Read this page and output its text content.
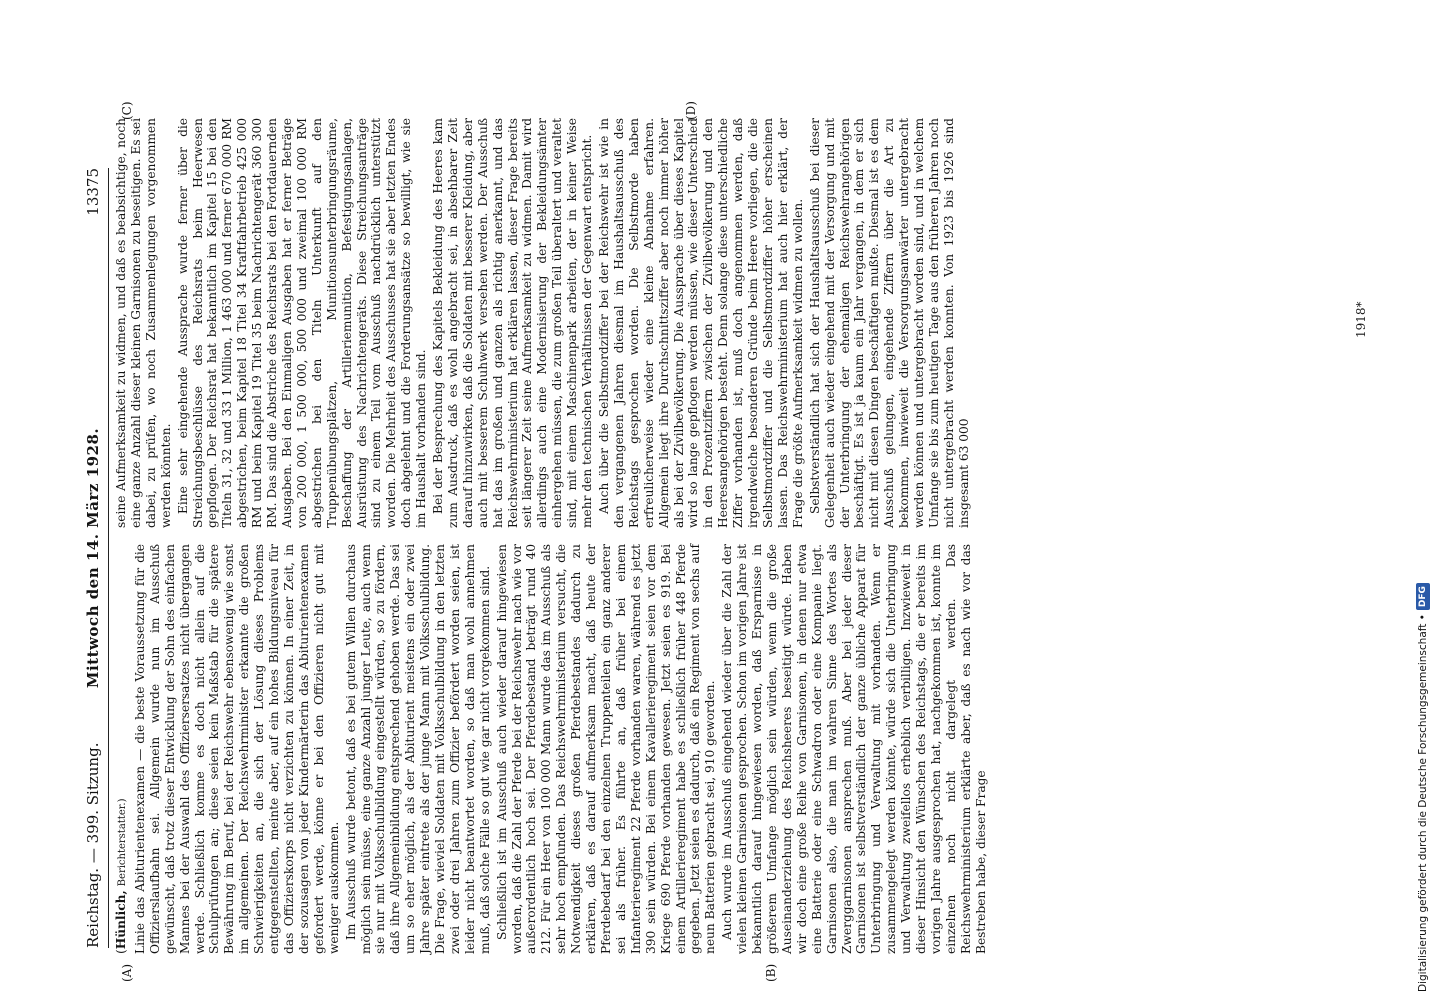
Reichstag. — 399. Sitzung.
Mittwoch den 14. März 1928.
13375
(A)	(B)
(C)	(D)

(Hünlich, Berichterstatter.) Linie das Abiturientenexamen — die beste Voraussetzung für die Offizierslaufbahn sei. Allgemein wurde nun im Ausschuß gewünscht, daß trotz dieser Entwicklung der Sohn des einfachen Mannes bei der Auswahl des Offiziersersatzes nicht übergangen werde. Schließlich komme es doch nicht allein auf die Schulprüfungen an; diese seien kein Maßstab für die spätere Bewährung im Beruf, bei der Reichswehr ebensowenig wie sonst im allgemeinen. Der Reichswehrminister erkannte die großen Schwierigkeiten an, die sich der Lösung dieses Problems entgegenstellten, meinte aber, auf ein hohes Bildungsniveau für das Offizierskorps nicht verzichten zu können. In einer Zeit, in der sozusagen von jeder Kindermärterin das Abiturientenexamen gefordert werde, könne er bei den Offizieren nicht gut mit weniger auskommen. Im Ausschuß wurde betont, daß es bei gutem Willen durchaus möglich sein müsse, eine ganze Anzahl junger Leute, auch wenn sie nur mit Volksschulbildung eingestellt würden, so zu fördern, daß ihre Allgemeinbildung entsprechend gehoben werde. Das sei um so eher möglich, als der Abiturient meistens ein oder zwei Jahre später eintrete als der junge Mann mit Volksschulbildung. Die Frage, wieviel Soldaten mit Volksschulbildung in den letzten zwei oder drei Jahren zum Offizier befördert worden seien, ist leider nicht beantwortet worden, so daß man wohl annehmen muß, daß solche Fälle so gut wie gar nicht vorgekommen sind. Schließlich ist im Ausschuß auch wieder darauf hingewiesen worden, daß die Zahl der Pferde bei der Reichswehr nach wie vor außerordentlich hoch sei. Der Pferdebestand beträgt rund 40 212. Für ein Heer von 100 000 Mann wurde das im Ausschuß als sehr hoch empfunden. Das Reichswehrministerium versucht, die Notwendigkeit dieses großen Pferdebestandes dadurch zu erklären, daß es darauf aufmerksam macht, daß heute der Pferdebedarf bei den einzelnen Truppenteilen ein ganz anderer sei als früher. Es führte an, daß früher bei einem Infanterieregiment 22 Pferde vorhanden waren, während es jetzt 390 sein würden. Bei einem Kavallerieregiment seien vor dem Kriege 690 Pferde vorhanden gewesen. Jetzt seien es 919. Bei einem Artillerieregiment habe es schließlich früher 448 Pferde gegeben. Jetzt seien es dadurch, daß ein Regiment von sechs auf neun Batterien gebracht sei, 910 geworden. Auch wurde im Ausschuß eingehend wieder über die Zahl der vielen kleinen Garnisonen gesprochen. Schon im vorigen Jahre ist bekanntlich darauf hingewiesen worden, daß Ersparnisse in größerem Umfange möglich sein würden, wenn die große Auseinanderziehung des Reichsheeres beseitigt würde. Haben wir doch eine große Reihe von Garnisonen, in denen nur etwa eine Batterie oder eine Schwadron oder eine Kompanie liegt. Garnisonen also, die man im wahren Sinne des Wortes als Zwerggarnisonen ansprechen muß. Aber bei jeder dieser Garnisonen ist selbstverständlich der ganze übliche Apparat für Unterbringung und Verwaltung mit vorhanden. Wenn er zusammengelegt werden könnte, würde sich die Unterbringung und Verwaltung zweifellos erheblich verbilligen. Inzwieweit in dieser Hinsicht den Wünschen des Reichstags, die er bereits im vorigen Jahre ausgesprochen hat, nachgekommen ist, konnte im einzelnen noch nicht dargelegt werden. Das Reichswehrministerium erklärte aber, daß es nach wie vor das Bestreben habe, dieser Frage

seine Aufmerksamkeit zu widmen, und daß es beabsichtige, noch eine ganze Anzahl dieser kleinen Garnisonen zu beseitigen. Es sei dabei, zu prüfen, wo noch Zusammenlegungen vorgenommen werden könnten. Eine sehr eingehende Aussprache wurde ferner über die Streichungsbeschlüsse des Reichsrats beim Heerwesen gepflogen. Der Reichsrat hat bekanntlich im Kapitel 15 bei den Titeln 31, 32 und 33 1 Million, 1 463 000 und ferner 670 000 RM abgestrichen, beim Kapitel 18 Titel 34 Kraftfahrbetrieb 425 000 RM und beim Kapitel 19 Titel 35 beim Nachrichtengerät 360 300 RM. Das sind die Abstriche des Reichsrats bei den Fortdauernden Ausgaben. Bei den Einmaligen Ausgaben hat er ferner Beträge von 200 000, 1 500 000, 500 000 und zweimal 100 000 RM abgestrichen bei den Titeln Unterkunft auf den Truppenübungsplätzen, Munitionsunterbringungsräume, Beschaffung der Artilleriemunition, Befestigungsanlagen, Ausrüstung des Nachrichtengeräts. Diese Streichungsanträge sind zu einem Teil vom Ausschuß nachdrücklich unterstützt worden. Die Mehrheit des Ausschusses hat sie aber letzten Endes doch abgelehnt und die Forderungsansätze so bewilligt, wie sie im Haushalt vorhanden sind. Bei der Besprechung des Kapitels Bekleidung des Heeres kam zum Ausdruck, daß es wohl angebracht sei, in absehbarer Zeit darauf hinzuwirken, daß die Soldaten mit besserer Kleidung, aber auch mit besserem Schuhwerk versehen werden. Der Ausschuß hat das im großen und ganzen als richtig anerkannt, und das Reichswehrministerium hat erklären lassen, dieser Frage bereits seit längerer Zeit seine Aufmerksamkeit zu widmen. Damit wird allerdings auch eine Modernisierung der Bekleidungsämter einhergehen müssen, die zum großen Teil überaltert und veraltet sind, mit einem Maschinenpark arbeiten, der in keiner Weise mehr den technischen Verhältnissen der Gegenwart entspricht. Auch über die Selbstmordziffer bei der Reichswehr ist wie in den vergangenen Jahren diesmal im Haushaltsausschuß des Reichstags gesprochen worden. Die Selbstmorde haben erfreulicherweise wieder eine kleine Abnahme erfahren. Allgemein liegt ihre Durchschnittsziffer aber noch immer höher als bei der Zivilbevölkerung. Die Aussprache über dieses Kapitel wird so lange gepflogen werden müssen, wie dieser Unterschied in den Prozentziffern zwischen der Zivilbevölkerung und den Heeresangehörigen besteht. Denn solange diese unterschiedliche Ziffer vorhanden ist, muß doch angenommen werden, daß irgendwelche besonderen Gründe beim Heere vorliegen, die die Selbstmordziffer und die Selbstmordziffer höher erscheinen lassen. Das Reichswehrministerium hat auch hier erklärt, der Frage die größte Aufmerksamkeit widmen zu wollen. Selbstverständlich hat sich der Haushaltsausschuß bei dieser Gelegenheit auch wieder eingehend mit der Versorgung und mit der Unterbringung der ehemaligen Reichswehrangehörigen beschäftigt. Es ist ja kaum ein Jahr vergangen, in dem er sich nicht mit diesen Dingen beschäftigen mußte. Diesmal ist es dem Ausschuß gelungen, eingehende Ziffern über die Art zu bekommen, inwieweit die Versorgungsanwärter untergebracht werden können und untergebracht worden sind, und in welchem Umfange sie bis zum heutigen Tage aus den früheren Jahren noch nicht untergebracht werden konnten. Von 1923 bis 1926 sind insgesamt 63 000

1918*
Digitalisierung gefördert durch die Deutsche Forschungsgemeinschaft •DFG
